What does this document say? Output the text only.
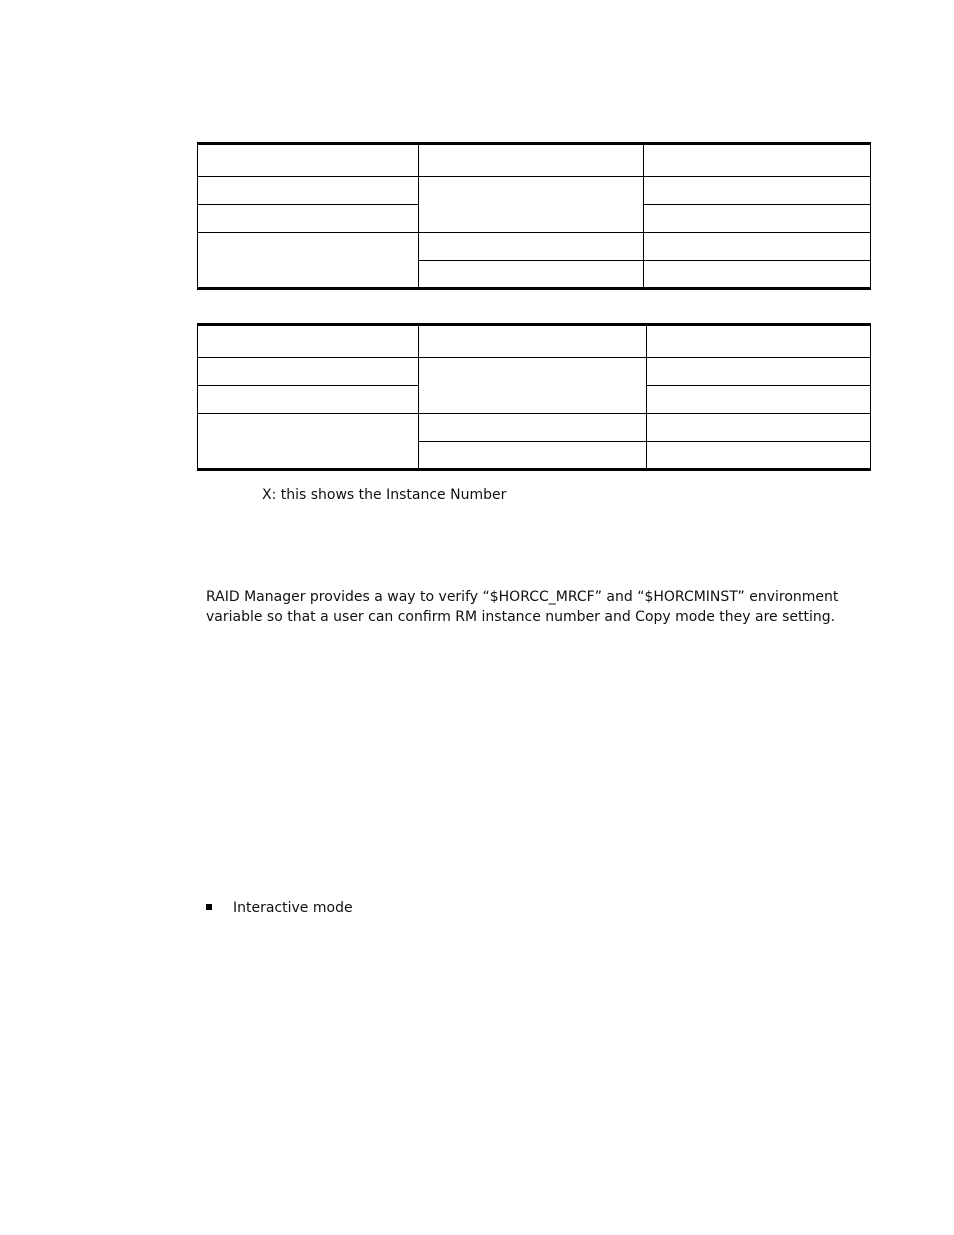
X: this shows the Instance Number
RAID Manager provides a way to verify “$HORCC_MRCF” and “$HORCMINST” environment
variable so that a user can confirm RM instance number and Copy mode they are setting.
Interactive mode
